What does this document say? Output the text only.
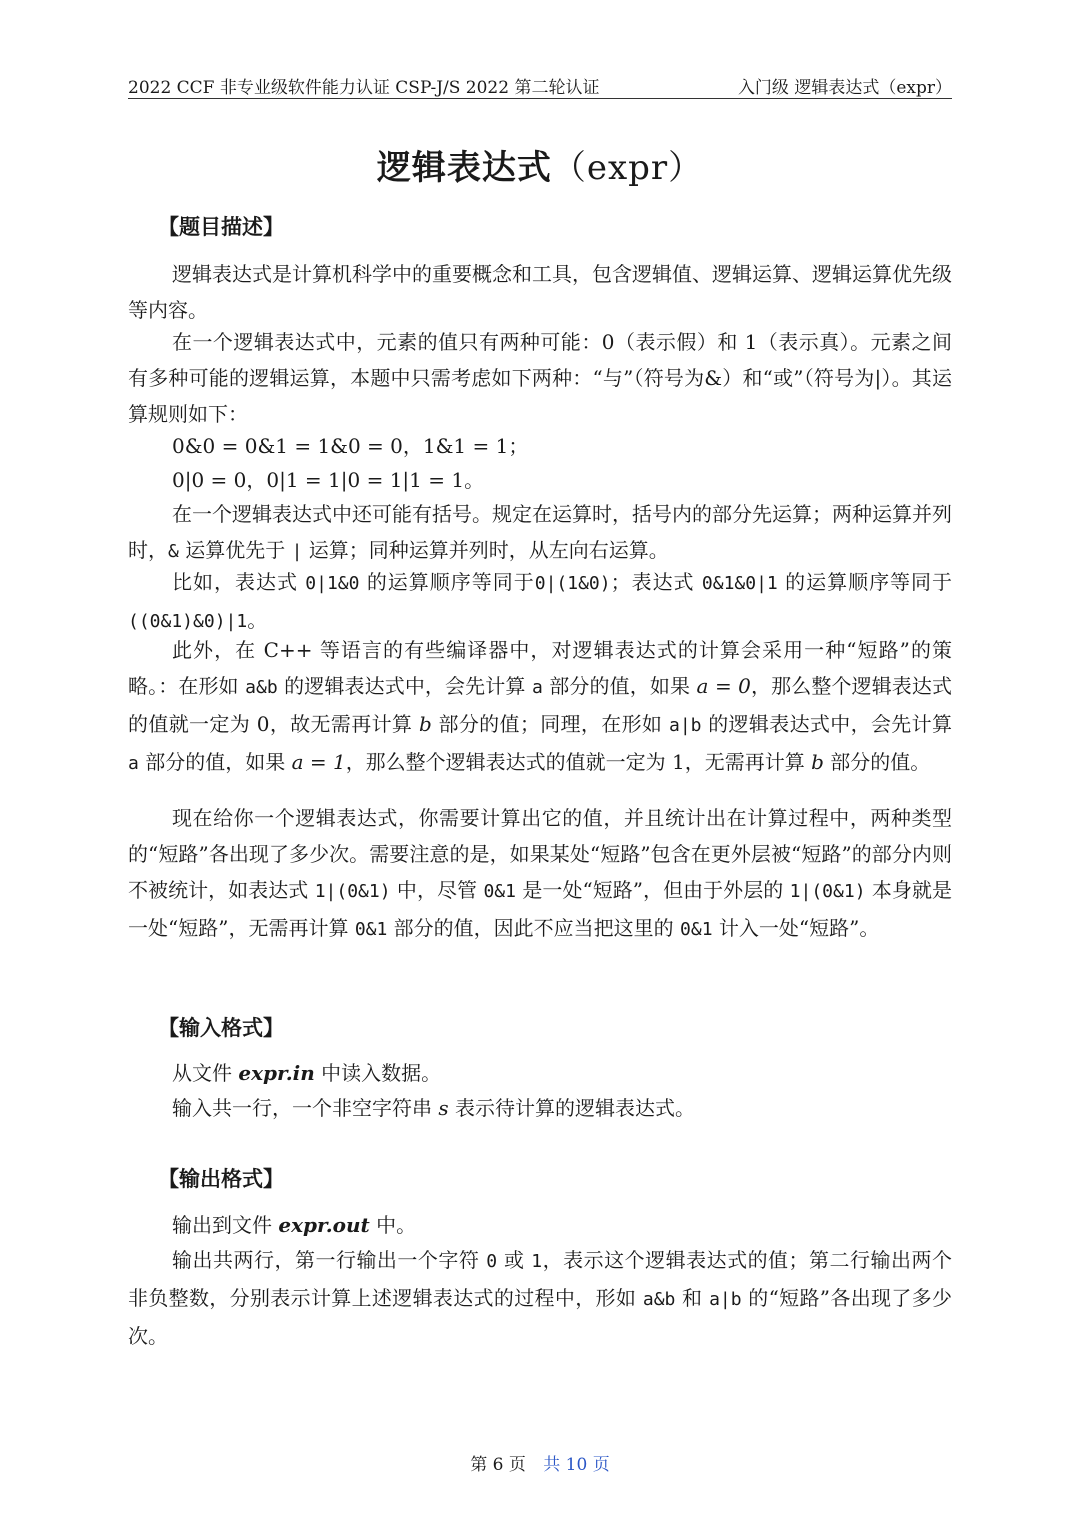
2022 CCF 非专业级软件能力认证 CSP-J/S 2022 第二轮认证	入门级 逻辑表达式（expr）
逻辑表达式（expr）
【题目描述】

逻辑表达式是计算机科学中的重要概念和工具，包含逻辑值、逻辑运算、逻辑运算优先级等内容。

在一个逻辑表达式中，元素的值只有两种可能：0（表示假）和 1（表示真）。元素之间有多种可能的逻辑运算，本题中只需考虑如下两种：“与”（符号为&）和“或”（符号为|）。其运算规则如下：

0&0 = 0&1 = 1&0 = 0，1&1 = 1；
0|0 = 0，0|1 = 1|0 = 1|1 = 1。

在一个逻辑表达式中还可能有括号。规定在运算时，括号内的部分先运算；两种运算并列时，& 运算优先于 | 运算；同种运算并列时，从左向右运算。

比如，表达式 0|1&0 的运算顺序等同于0|(1&0)；表达式 0&1&0|1 的运算顺序等同于 ((0&1)&0)|1。

此外，在 C++ 等语言的有些编译器中，对逻辑表达式的计算会采用一种“短路”的策略。：在形如 a&b 的逻辑表达式中，会先计算 a 部分的值，如果 a = 0，那么整个逻辑表达式的值就一定为 0，故无需再计算 b 部分的值；同理，在形如 a|b 的逻辑表达式中，会先计算 a 部分的值，如果 a = 1，那么整个逻辑表达式的值就一定为 1，无需再计算 b 部分的值。

现在给你一个逻辑表达式，你需要计算出它的值，并且统计出在计算过程中，两种类型的“短路”各出现了多少次。需要注意的是，如果某处“短路”包含在更外层被“短路”的部分内则不被统计，如表达式 1|(0&1) 中，尽管 0&1 是一处“短路”，但由于外层的 1|(0&1) 本身就是一处“短路”，无需再计算 0&1 部分的值，因此不应当把这里的 0&1 计入一处“短路”。

【输入格式】
从文件 expr.in 中读入数据。
输入共一行，一个非空字符串 s 表示待计算的逻辑表达式。
【输出格式】
输出到文件 expr.out 中。

输出共两行，第一行输出一个字符 0 或 1，表示这个逻辑表达式的值；第二行输出两个非负整数，分别表示计算上述逻辑表达式的过程中，形如 a&b 和 a|b 的“短路”各出现了多少次。

第 6 页 共 10 页
